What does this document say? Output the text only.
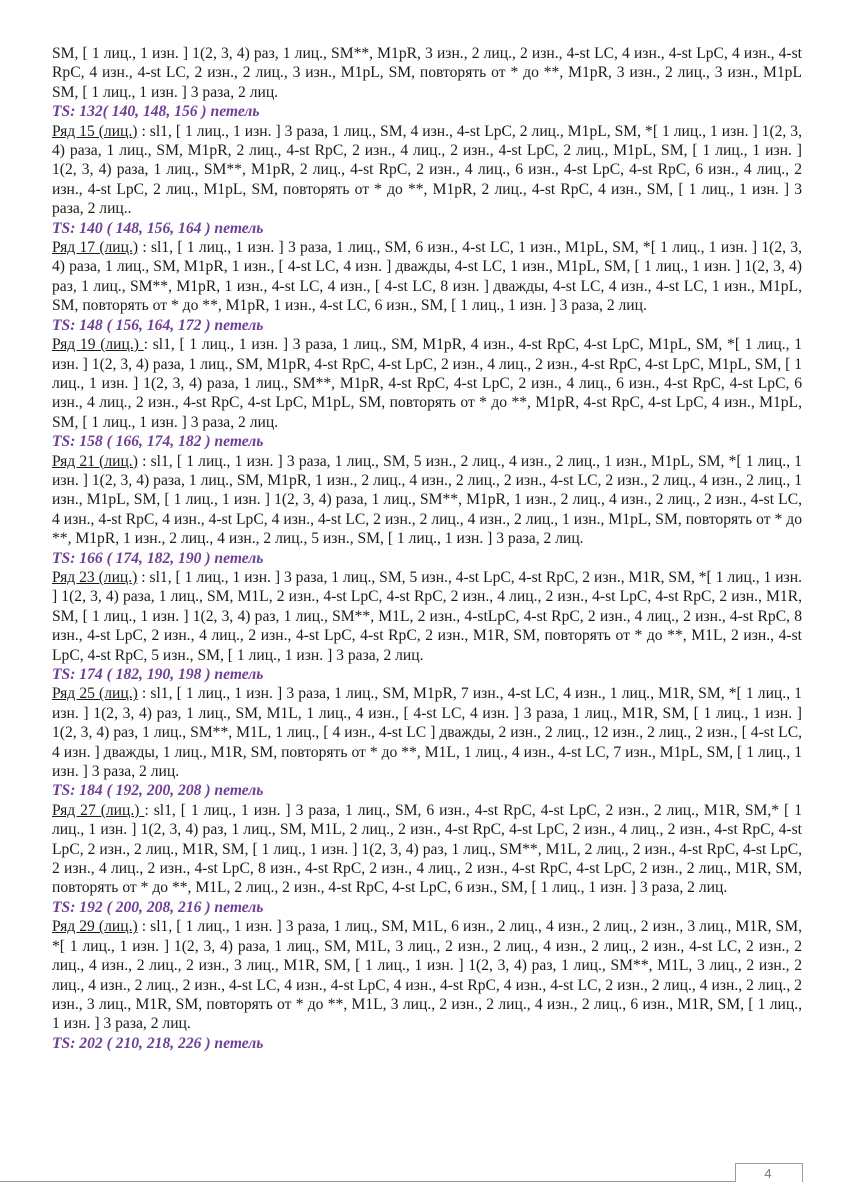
SM, [ 1 лиц., 1 изн. ] 1(2, 3, 4) раз, 1 лиц., SM**, M1pR, 3 изн., 2 лиц., 2 изн., 4-st LC, 4 изн., 4-st LpC, 4 изн., 4-st RpC, 4 изн., 4-st LC, 2 изн., 2 лиц., 3 изн., M1pL, SM, повторять от * до **, M1pR, 3 изн., 2 лиц., 3 изн., M1pL SM, [ 1 лиц., 1 изн. ] 3 раза, 2 лиц.

TS: 132( 140, 148, 156 ) петель

Ряд 15 (лиц.) : sl1, [ 1 лиц., 1 изн. ] 3 раза, 1 лиц., SM, 4 изн., 4-st LpC, 2 лиц., M1pL, SM, *[ 1 лиц., 1 изн. ] 1(2, 3, 4) раза, 1 лиц., SM, M1pR, 2 лиц., 4-st RpC, 2 изн., 4 лиц., 2 изн., 4-st LpC, 2 лиц., M1pL, SM, [ 1 лиц., 1 изн. ] 1(2, 3, 4) раза, 1 лиц., SM**, M1pR, 2 лиц., 4-st RpC, 2 изн., 4 лиц., 6 изн., 4-st LpC, 4-st RpC, 6 изн., 4 лиц., 2 изн., 4-st LpC, 2 лиц., M1pL, SM, повторять от * до **, M1pR, 2 лиц., 4-st RpC, 4 изн., SM, [ 1 лиц., 1 изн. ] 3 раза, 2 лиц..

TS: 140 ( 148, 156, 164 ) петель

Ряд 17 (лиц.) : sl1, [ 1 лиц., 1 изн. ] 3 раза, 1 лиц., SM, 6 изн., 4-st LC, 1 изн., M1pL, SM, *[ 1 лиц., 1 изн. ] 1(2, 3, 4) раза, 1 лиц., SM, M1pR, 1 изн., [ 4-st LC, 4 изн. ] дважды, 4-st LC, 1 изн., M1pL, SM, [ 1 лиц., 1 изн. ] 1(2, 3, 4) раз, 1 лиц., SM**, M1pR, 1 изн., 4-st LC, 4 изн., [ 4-st LC, 8 изн. ] дважды, 4-st LC, 4 изн., 4-st LC, 1 изн., M1pL, SM, повторять от * до **, M1pR, 1 изн., 4-st LC, 6 изн., SM, [ 1 лиц., 1 изн. ] 3 раза, 2 лиц.

TS: 148 ( 156, 164, 172 ) петель

Ряд 19 (лиц.) : sl1, [ 1 лиц., 1 изн. ] 3 раза, 1 лиц., SM, M1pR, 4 изн., 4-st RpC, 4-st LpC, M1pL, SM, *[ 1 лиц., 1 изн. ] 1(2, 3, 4) раза, 1 лиц., SM, M1pR, 4-st RpC, 4-st LpC, 2 изн., 4 лиц., 2 изн., 4-st RpC, 4-st LpC, M1pL, SM, [ 1 лиц., 1 изн. ] 1(2, 3, 4) раза, 1 лиц., SM**, M1pR, 4-st RpC, 4-st LpC, 2 изн., 4 лиц., 6 изн., 4-st RpC, 4-st LpC, 6 изн., 4 лиц., 2 изн., 4-st RpC, 4-st LpC, M1pL, SM, повторять от * до **, M1pR, 4-st RpC, 4-st LpC, 4 изн., M1pL, SM, [ 1 лиц., 1 изн. ] 3 раза, 2 лиц.

TS: 158 ( 166, 174, 182 ) петель

Ряд 21 (лиц.) : sl1, [ 1 лиц., 1 изн. ] 3 раза, 1 лиц., SM, 5 изн., 2 лиц., 4 изн., 2 лиц., 1 изн., M1pL, SM, *[ 1 лиц., 1 изн. ] 1(2, 3, 4) раза, 1 лиц., SM, M1pR, 1 изн., 2 лиц., 4 изн., 2 лиц., 2 изн., 4-st LC, 2 изн., 2 лиц., 4 изн., 2 лиц., 1 изн., M1pL, SM, [ 1 лиц., 1 изн. ] 1(2, 3, 4) раза, 1 лиц., SM**, M1pR, 1 изн., 2 лиц., 4 изн., 2 лиц., 2 изн., 4-st LC, 4 изн., 4-st RpC, 4 изн., 4-st LpC, 4 изн., 4-st LC, 2 изн., 2 лиц., 4 изн., 2 лиц., 1 изн., M1pL, SM, повторять от * до **, M1pR, 1 изн., 2 лиц., 4 изн., 2 лиц., 5 изн., SM, [ 1 лиц., 1 изн. ] 3 раза, 2 лиц.

TS: 166 ( 174, 182, 190 ) петель

Ряд 23 (лиц.) : sl1, [ 1 лиц., 1 изн. ] 3 раза, 1 лиц., SM, 5 изн., 4-st LpC, 4-st RpC, 2 изн., M1R, SM, *[ 1 лиц., 1 изн. ] 1(2, 3, 4) раза, 1 лиц., SM, M1L, 2 изн., 4-st LpC, 4-st RpC, 2 изн., 4 лиц., 2 изн., 4-st LpC, 4-st RpC, 2 изн., M1R, SM, [ 1 лиц., 1 изн. ] 1(2, 3, 4) раз, 1 лиц., SM**, M1L, 2 изн., 4-stLpC, 4-st RpC, 2 изн., 4 лиц., 2 изн., 4-st RpC, 8 изн., 4-st LpC, 2 изн., 4 лиц., 2 изн., 4-st LpC, 4-st RpC, 2 изн., M1R, SM, повторять от * до **, M1L, 2 изн., 4-st LpC, 4-st RpC, 5 изн., SM, [ 1 лиц., 1 изн. ] 3 раза, 2 лиц.

TS: 174 ( 182, 190, 198 ) петель

Ряд 25 (лиц.) : sl1, [ 1 лиц., 1 изн. ] 3 раза, 1 лиц., SM, M1pR, 7 изн., 4-st LC, 4 изн., 1 лиц., M1R, SM, *[ 1 лиц., 1 изн. ] 1(2, 3, 4) раз, 1 лиц., SM, M1L, 1 лиц., 4 изн., [ 4-st LC, 4 изн. ] 3 раза, 1 лиц., M1R, SM, [ 1 лиц., 1 изн. ] 1(2, 3, 4) раз, 1 лиц., SM**, M1L, 1 лиц., [ 4 изн., 4-st LC ] дважды, 2 изн., 2 лиц., 12 изн., 2 лиц., 2 изн., [ 4-st LC, 4 изн. ] дважды, 1 лиц., M1R, SM, повторять от * до **, M1L, 1 лиц., 4 изн., 4-st LC, 7 изн., M1pL, SM, [ 1 лиц., 1 изн. ] 3 раза, 2 лиц.

TS: 184 ( 192, 200, 208 ) петель

Ряд 27 (лиц.) : sl1, [ 1 лиц., 1 изн. ] 3 раза, 1 лиц., SM, 6 изн., 4-st RpC, 4-st LpC, 2 изн., 2 лиц., M1R, SM,* [ 1 лиц., 1 изн. ] 1(2, 3, 4) раз, 1 лиц., SM, M1L, 2 лиц., 2 изн., 4-st RpC, 4-st LpC, 2 изн., 4 лиц., 2 изн., 4-st RpC, 4-st LpC, 2 изн., 2 лиц., M1R, SM, [ 1 лиц., 1 изн. ] 1(2, 3, 4) раз, 1 лиц., SM**, M1L, 2 лиц., 2 изн., 4-st RpC, 4-st LpC, 2 изн., 4 лиц., 2 изн., 4-st LpC, 8 изн., 4-st RpC, 2 изн., 4 лиц., 2 изн., 4-st RpC, 4-st LpC, 2 изн., 2 лиц., M1R, SM, повторять от * до **, M1L, 2 лиц., 2 изн., 4-st RpC, 4-st LpC, 6 изн., SM, [ 1 лиц., 1 изн. ] 3 раза, 2 лиц.

TS: 192 ( 200, 208, 216 ) петель

Ряд 29 (лиц.) : sl1, [ 1 лиц., 1 изн. ] 3 раза, 1 лиц., SM, M1L, 6 изн., 2 лиц., 4 изн., 2 лиц., 2 изн., 3 лиц., M1R, SM, *[ 1 лиц., 1 изн. ] 1(2, 3, 4) раза, 1 лиц., SM, M1L, 3 лиц., 2 изн., 2 лиц., 4 изн., 2 лиц., 2 изн., 4-st LC, 2 изн., 2 лиц., 4 изн., 2 лиц., 2 изн., 3 лиц., M1R, SM, [ 1 лиц., 1 изн. ] 1(2, 3, 4) раз, 1 лиц., SM**, M1L, 3 лиц., 2 изн., 2 лиц., 4 изн., 2 лиц., 2 изн., 4-st LC, 4 изн., 4-st LpC, 4 изн., 4-st RpC, 4 изн., 4-st LC, 2 изн., 2 лиц., 4 изн., 2 лиц., 2 изн., 3 лиц., M1R, SM, повторять от * до **, M1L, 3 лиц., 2 изн., 2 лиц., 4 изн., 2 лиц., 6 изн., M1R, SM, [ 1 лиц., 1 изн. ] 3 раза, 2 лиц.

TS: 202 ( 210, 218, 226 ) петель

4
